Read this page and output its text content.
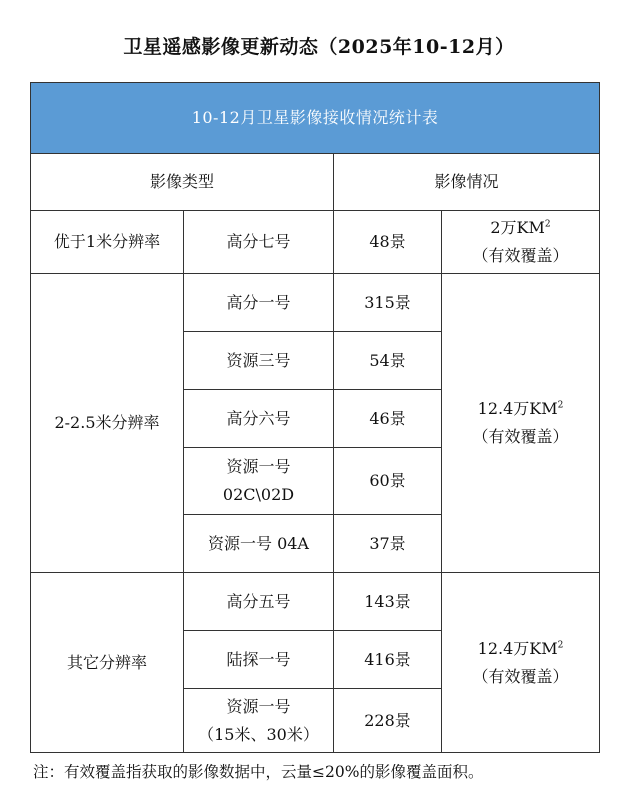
卫星遥感影像更新动态（2025年10-12月）
10-12月卫星影像接收情况统计表			
影像类型		影像情况	
优于1米分辨率	高分七号	48景	2万$KM^2$
（有效覆盖）

2-2.5米分辨率	高分一号	315景	12.4万$KM^2$
（有效覆盖）

	资源三号	54景	
	高分六号	46景	

	资源一号
02C\02D	60景	
	资源一号 04A	37景	
其它分辨率	高分五号	143景	12.4万$KM^2$
（有效覆盖）

	陆探一号	416景	

	资源一号
（15米、30米）	228景	
注：有效覆盖指获取的影像数据中，云量≤20%的影像覆盖面积。
